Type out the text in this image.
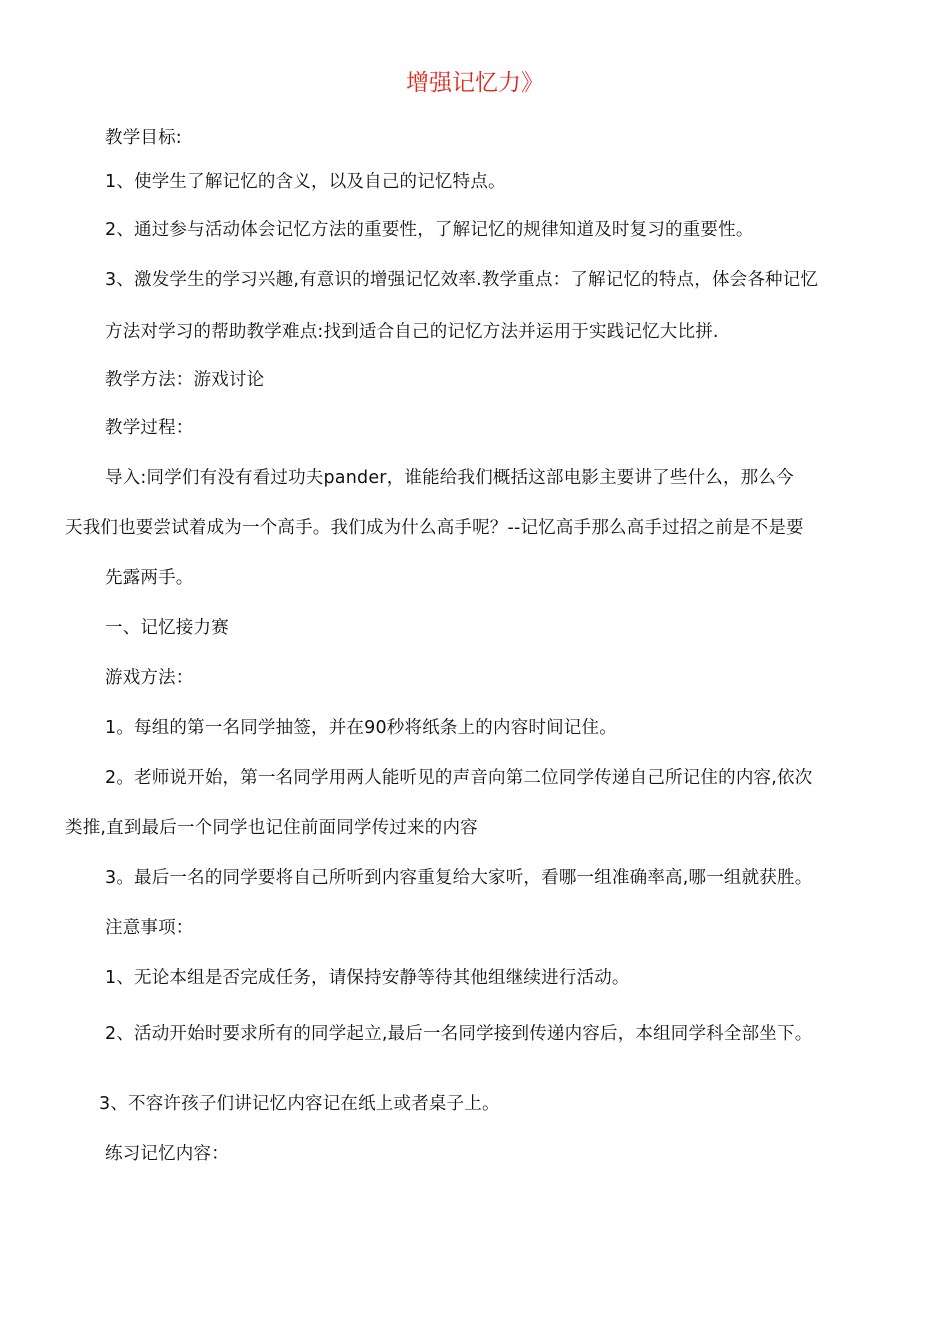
增强记忆力》
教学目标:
1、使学生了解记忆的含义，以及自己的记忆特点。
2、通过参与活动体会记忆方法的重要性，了解记忆的规律知道及时复习的重要性。
3、激发学生的学习兴趣,有意识的增强记忆效率.教学重点：了解记忆的特点，体会各种记忆
方法对学习的帮助教学难点:找到适合自己的记忆方法并运用于实践记忆大比拼.
教学方法：游戏讨论
教学过程：
导入:同学们有没有看过功夫pander，谁能给我们概括这部电影主要讲了些什么，那么今
天我们也要尝试着成为一个高手。我们成为什么高手呢？--记忆高手那么高手过招之前是不是要
先露两手。
一、记忆接力赛
游戏方法：
1。每组的第一名同学抽签，并在90秒将纸条上的内容时间记住。
2。老师说开始，第一名同学用两人能听见的声音向第二位同学传递自己所记住的内容,依次
类推,直到最后一个同学也记住前面同学传过来的内容
3。最后一名的同学要将自己所听到内容重复给大家听，看哪一组准确率高,哪一组就获胜。
注意事项：
1、无论本组是否完成任务，请保持安静等待其他组继续进行活动。
2、活动开始时要求所有的同学起立,最后一名同学接到传递内容后，本组同学科全部坐下。
3、不容许孩子们讲记忆内容记在纸上或者桌子上。
练习记忆内容：
